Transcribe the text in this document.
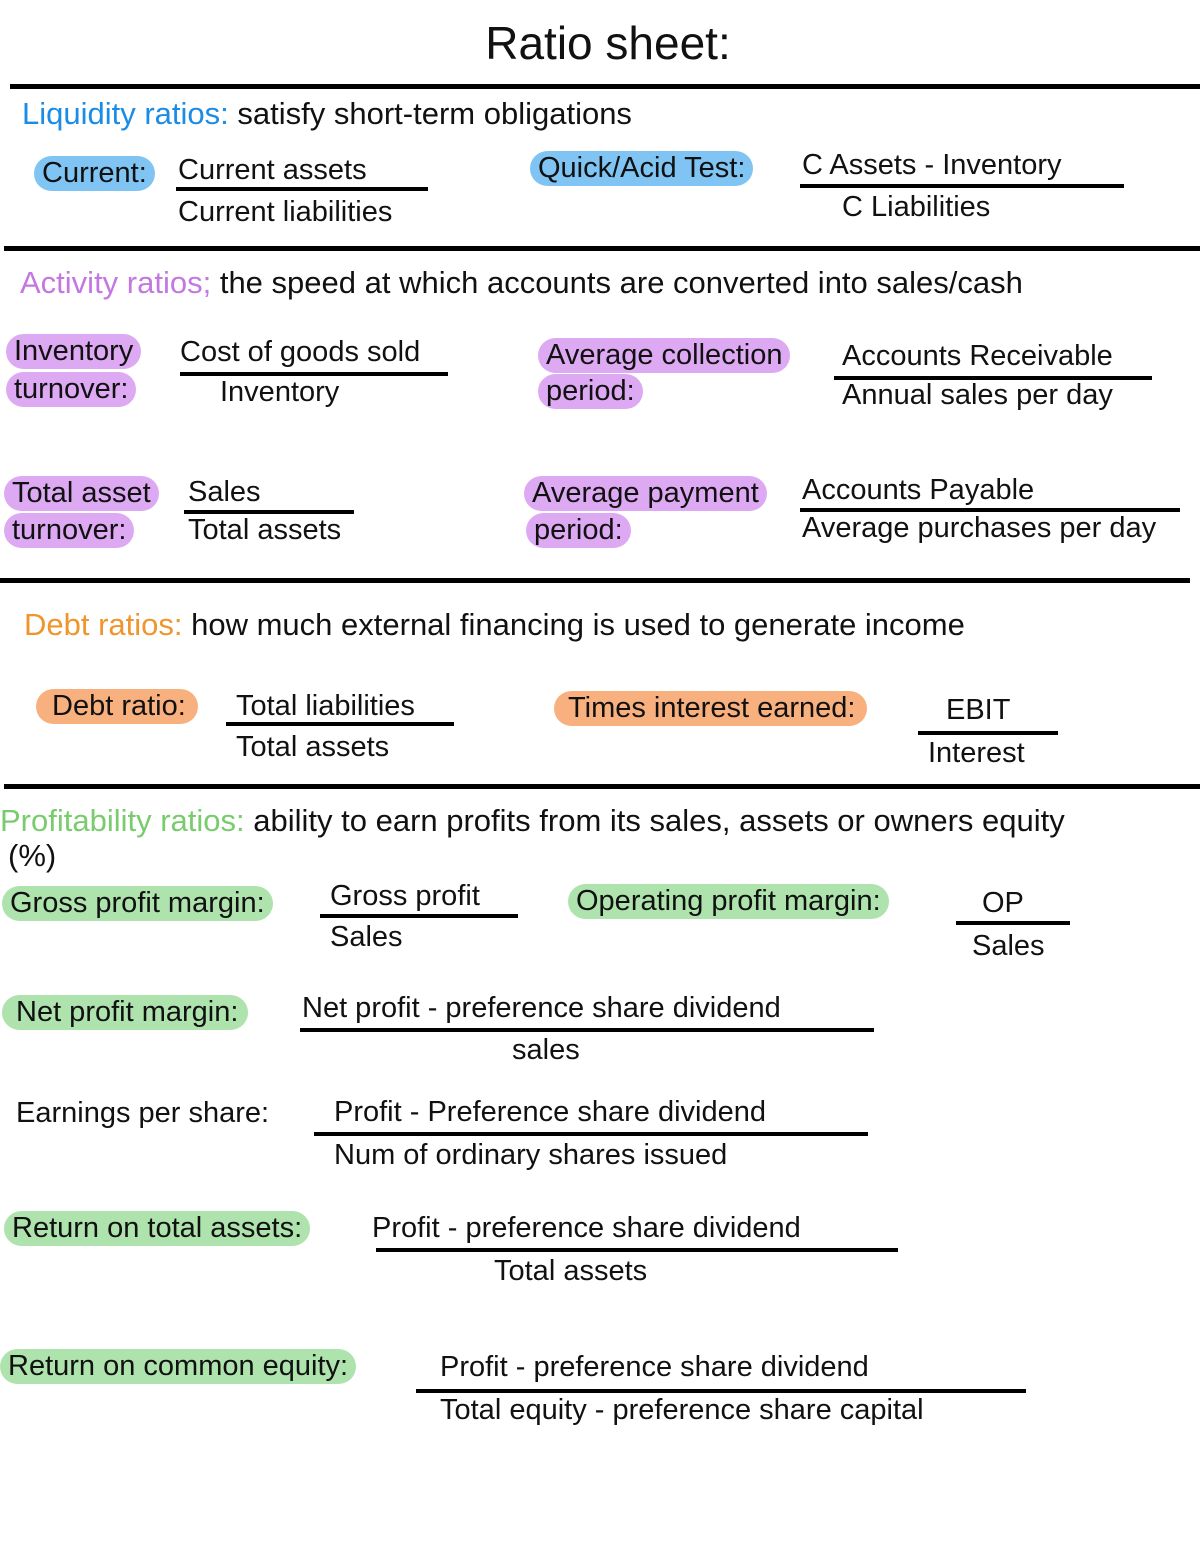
Ratio sheet:
Liquidity ratios: satisfy short-term obligations
Current: Current assets
Current liabilities
Quick/Acid Test: C Assets - Inventory
C Liabilities
Activity ratios; the speed at which accounts are converted into sales/cash
Inventory
turnover:
Cost of goods sold
Inventory
Average collection
period:
Accounts Receivable
Annual sales per day
Total asset
turnover:
Sales
Total assets
Average payment
period:
Accounts Payable
Average purchases per day
Debt ratios: how much external financing is used to generate income
Debt ratio:	Total liabilities
Total assets
Times interest earned:	EBIT
Interest
Profitability ratios: ability to earn profits from its sales, assets or owners equity
(%)
Gross profit margin: Gross profit
Sales
Operating profit margin:	OP
Sales
Net profit margin:	Net profit - preference share dividend
sales
Earnings per share: Profit - Preference share dividend
Num of ordinary shares issued
Return on total assets: Profit - preference share dividend
Total assets
Return on common equity:	Profit - preference share dividend
Total equity - preference share capital
